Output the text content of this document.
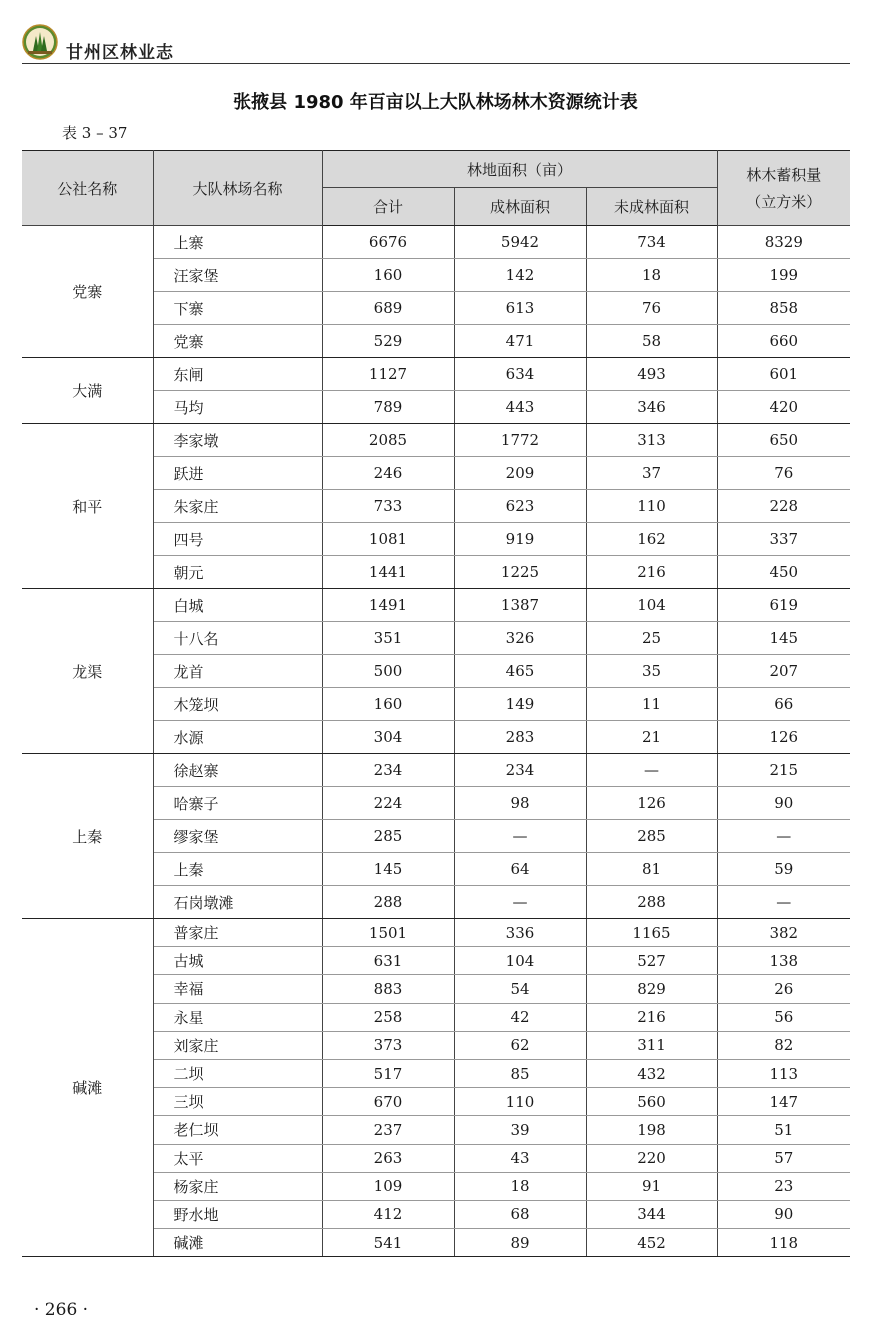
甘州区林业志
张掖县 1980 年百亩以上大队林场林木资源统计表
表 3 – 37
公社名称	大队林场名称	林地面积（亩）			林木蓄积量
（立方米）

		合计	成林面积	未成林面积	
党寨	上寨	6676	5942	734	8329
	汪家堡	160	142	18	199
	下寨	689	613	76	858
	党寨	529	471	58	660
大满	东闸	1127	634	493	601
	马均	789	443	346	420
和平	李家墩	2085	1772	313	650
	跃进	246	209	37	76
	朱家庄	733	623	110	228
	四号	1081	919	162	337
	朝元	1441	1225	216	450
龙渠	白城	1491	1387	104	619
	十八名	351	326	25	145
	龙首	500	465	35	207
	木笼坝	160	149	11	66
	水源	304	283	21	126
上秦	徐赵寨	234	234	—	215
	哈寨子	224	98	126	90
	缪家堡	285	—	285	—
	上秦	145	64	81	59
	石岗墩滩	288	—	288	—
碱滩	普家庄	1501	336	1165	382
	古城	631	104	527	138
	幸福	883	54	829	26
	永星	258	42	216	56
	刘家庄	373	62	311	82
	二坝	517	85	432	113
	三坝	670	110	560	147
	老仁坝	237	39	198	51
	太平	263	43	220	57
	杨家庄	109	18	91	23
	野水地	412	68	344	90
	碱滩	541	89	452	118
· 266 ·
